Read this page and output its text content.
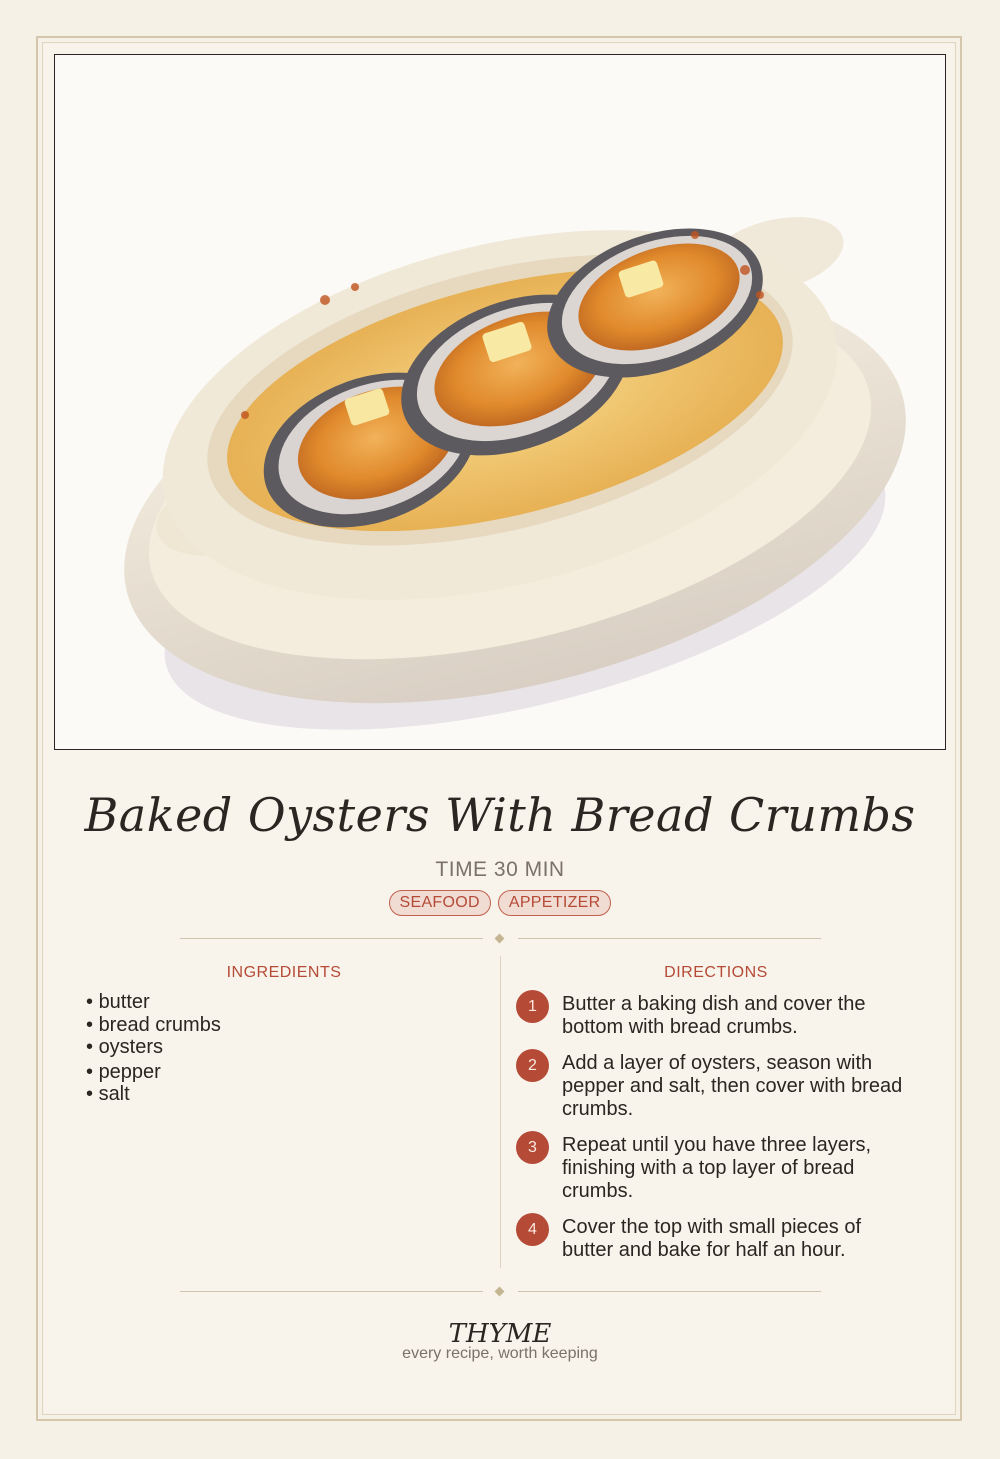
Baked Oysters With Bread Crumbs
TIME 30 MIN
SEAFOOD	APPETIZER
INGREDIENTS	DIRECTIONS
• butter
• bread crumbs
• oysters
• pepper
• salt
1	Butter a baking dish and cover the bottom with bread crumbs.
2	Add a layer of oysters, season with pepper and salt, then cover with bread crumbs.
3	Repeat until you have three layers, finishing with a top layer of bread crumbs.
4	Cover the top with small pieces of butter and bake for half an hour.
THYME
every recipe, worth keeping
